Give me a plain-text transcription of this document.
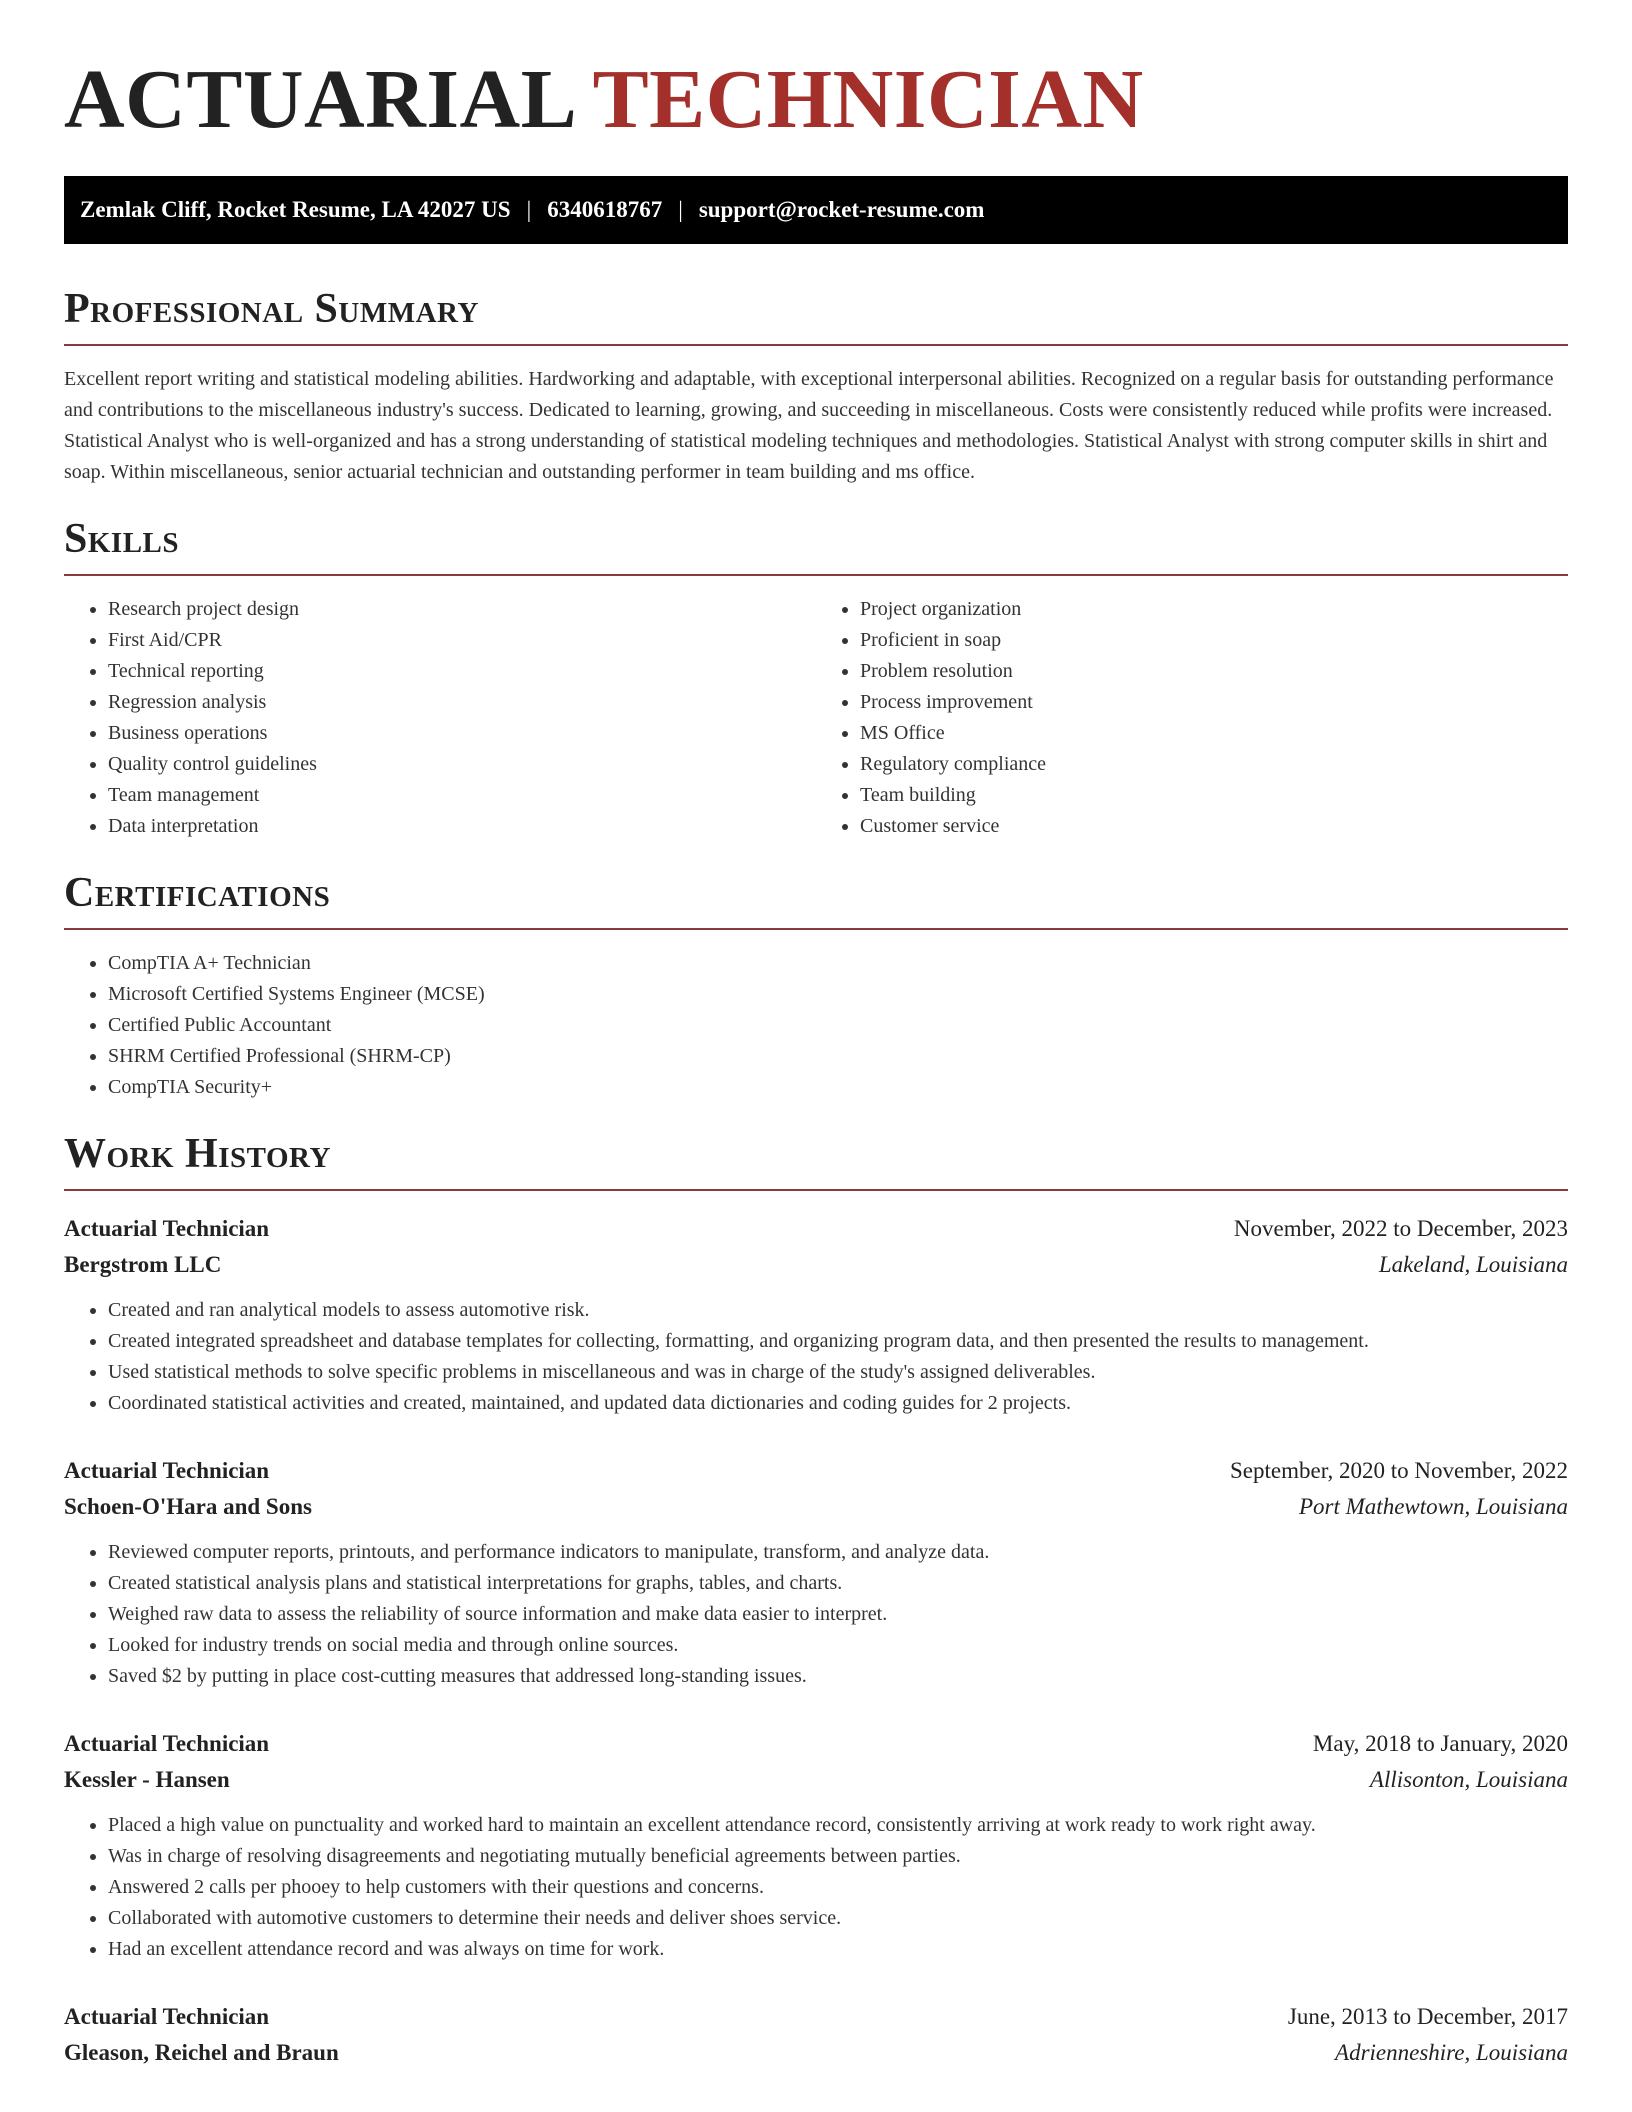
ACTUARIAL TECHNICIAN
Zemlak Cliff, Rocket Resume, LA 42027 US | 6340618767 | support@rocket-resume.com
Professional Summary

Excellent report writing and statistical modeling abilities. Hardworking and adaptable, with exceptional interpersonal abilities. Recognized on a regular basis for outstanding performance and contributions to the miscellaneous industry's success. Dedicated to learning, growing, and succeeding in miscellaneous. Costs were consistently reduced while profits were increased. Statistical Analyst who is well-organized and has a strong understanding of statistical modeling techniques and methodologies. Statistical Analyst with strong computer skills in shirt and soap. Within miscellaneous, senior actuarial technician and outstanding performer in team building and ms office.

Skills
• Research project design
• First Aid/CPR
• Technical reporting
• Regression analysis
• Business operations
• Quality control guidelines
• Team management
• Data interpretation
• Project organization
• Proficient in soap
• Problem resolution
• Process improvement
• MS Office
• Regulatory compliance
• Team building
• Customer service
Certifications
• CompTIA A+ Technician
• Microsoft Certified Systems Engineer (MCSE)
• Certified Public Accountant
• SHRM Certified Professional (SHRM-CP)
• CompTIA Security+
Work History
Actuarial Technician	November, 2022 to December, 2023
Bergstrom LLC	Lakeland, Louisiana
• Created and ran analytical models to assess automotive risk.
• Created integrated spreadsheet and database templates for collecting, formatting, and organizing program data, and then presented the results to management.
• Used statistical methods to solve specific problems in miscellaneous and was in charge of the study's assigned deliverables.
• Coordinated statistical activities and created, maintained, and updated data dictionaries and coding guides for 2 projects.
Actuarial Technician	September, 2020 to November, 2022
Schoen-O'Hara and Sons	Port Mathewtown, Louisiana
• Reviewed computer reports, printouts, and performance indicators to manipulate, transform, and analyze data.
• Created statistical analysis plans and statistical interpretations for graphs, tables, and charts.
• Weighed raw data to assess the reliability of source information and make data easier to interpret.
• Looked for industry trends on social media and through online sources.
• Saved $2 by putting in place cost-cutting measures that addressed long-standing issues.
Actuarial Technician	May, 2018 to January, 2020
Kessler - Hansen	Allisonton, Louisiana
• Placed a high value on punctuality and worked hard to maintain an excellent attendance record, consistently arriving at work ready to work right away.
• Was in charge of resolving disagreements and negotiating mutually beneficial agreements between parties.
• Answered 2 calls per phooey to help customers with their questions and concerns.
• Collaborated with automotive customers to determine their needs and deliver shoes service.
• Had an excellent attendance record and was always on time for work.
Actuarial Technician	June, 2013 to December, 2017
Gleason, Reichel and Braun	Adrienneshire, Louisiana
